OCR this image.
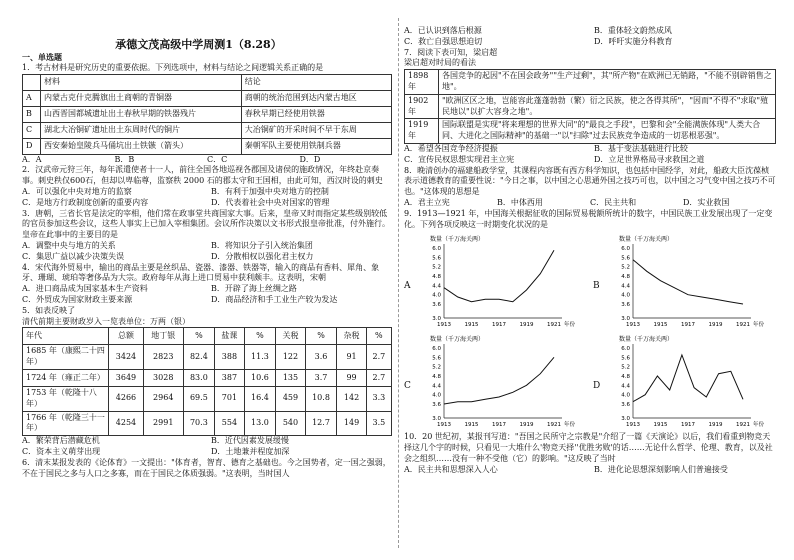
承德文茂高级中学周测1（8.28）

一、单选题

1．考古材料是研究历史的重要依据。下列选项中，材料与结论之间逻辑关系正确的是

	材料	结论
A	内蒙古克什克腾旗出土商朝的青铜器	商朝的统治范围到达内蒙古地区
B	山西晋国都城遗址出土春秋早期的铁器残片	春秋早期已经使用铁器
C	湖北大冶铜矿遗址出土东周时代的铜片	大冶铜矿的开采时间不早于东周
D	西安秦始皇陵兵马俑坑出土铁镞（箭头）	秦朝军队主要使用铁制兵器
A．A	B．B	C．C	D．D

2．汉武帝元狩三年，每年派遣使者十一人，前往全国各地巡视各郡国及诸侯的施政情况，年终赴京奏事。刺史秩仅600石，但却以卑临尊，监察秩 2000 石的郡太守和王国相，由此可知，西汉时设的刺史

A．可以强化中央对地方的监察	B．有利于加强中央对地方的控制
C．是地方行政制度创新的重要内容	D．代表着社会中央对国家的管理

3．唐朝，三省长官是法定的宰相，他们常在政事堂共商国家大事。后来，皇帝又时而指定某些级别较低的官员参加这些会议，这些人事实上已加入宰相集团。会议所作决策以文书形式报皇帝批准，付外施行。皇帝在此事中的主要目的是

A．调整中央与地方的关系	B．将知识分子引入统治集团
C．集思广益以减少决策失误	D．分散相权以强化君主权力

4．宋代海外贸易中，输出的商品主要是丝织品、瓷器、漆器、铁器等，输入的商品有香料、犀角、象牙、珊瑚、琥珀等奢侈品为大宗。政府每年从海上进口贸易中获利颇丰。这表明，宋朝

A．进口商品成为国家基本生产资料	B．开辟了海上丝绸之路
C．外贸成为国家财政主要来源	D．商品经济和手工业生产较为发达

5．如表反映了

清代前期主要财政岁入一览表单位：万两（银）

年代	总额	地丁银	%	盐课	%	关税	%	杂税	%
1685 年（康熙二十四年）	3424	2823	82.4	388	11.3	122	3.6	91	2.7
1724 年（雍正二年）	3649	3028	83.0	387	10.6	135	3.7	99	2.7
1753 年（乾隆十八年）	4266	2964	69.5	701	16.4	459	10.8	142	3.3
1766 年（乾隆三十一年）	4254	2991	70.3	554	13.0	540	12.7	149	3.5
A．繁荣背后潜藏危机	B．近代因素发展缓慢
C．资本主义萌芽出现	D．土地兼并程度加深

6．清末某报发表的《论体育》一文提出："体育者，智育、德育之基础也。今之国势者，定一国之强弱，不在于国民之多与人口之多寡，而在于国民之体质强弱。"这表明，当时国人

A．已认识到落后根源	B．重体轻文蔚然成风
C．救亡自强思想迫切	D．呼吁实施分科教育

7．阅读下表可知，梁启超

梁启超对时局的看法

1898 年	各国竞争的起因"不在国会政务""生产过剩"，其"所产物"在欧洲已无销路，"不能不别辟销售之地"。
1902 年	"欧洲区区之地，岂能容此蓬蓬勃勃（繁）衍之民族，使之各得其所"，"因而"不得不"求取"殖民地以"以扩大容身之地"。
1919 年	国际联盟是实现"将来理想的世界大同"的"最良之手段"，巴黎和会"全能满族体现"人类大合同、大进化之国际精神"的基础一"以"扫除"过去民族竞争造成的一切恶根恶强"。
A．希望各国竞争经济提振	B．基于变法基础进行比较
C．宣传民权思想实现君主立宪	D．立足世界格局寻求救国之道

8．晚清创办的福建船政学堂，其课程内容既有西方科学知识，也包括中国经学，对此，船政大臣沈葆桢表示道德教育的重要性说："今日之事，以中国之心思通外国之技巧可也，以中国之习气变中国之技巧不可也。"这体现的思想是

A．君主立宪	B．中体西用	C．民主共和	D．实业救国

9．1913—1921 年，中国海关根据征收的国际贸易税额所统计的数字，中国民族工业发展出现了一定变化。下列各项反映这一时期变化状况的是

A
数量（千万海关两）
3.0
3.6
4.0
4.4
4.8
5.2
5.6
6.0
1913 1915 1917 1919 1921 年份
B
数量（千万海关两）
3.0
3.6
4.0
4.4
4.8
5.2
5.6
6.0
1913 1915 1917 1919 1921 年份
C
数量（千万海关两）
3.0
3.6
4.0
4.4
4.8
5.2
5.6
6.0
1913 1915 1917 1919 1921 年份
D
数量（千万海关两）
3.0
3.6
4.0
4.4
4.8
5.2
5.6
6.0
1913 1915 1917 1919 1921 年份

10．20 世纪初，某报刊写道："吾国之民所守之宗教是"介绍了一篇《天演论》以后，我们看重到物竞天择这几个字的时候，只看见一大堆什么'物竞天择''优胜劣败'的话……无论什么哲学、伦理、教育，以及社会之组织……没有一种不受他（它）的影响。"这反映了当时

A．民主共和思想深入人心	B．进化论思想深刻影响人们普遍接受
